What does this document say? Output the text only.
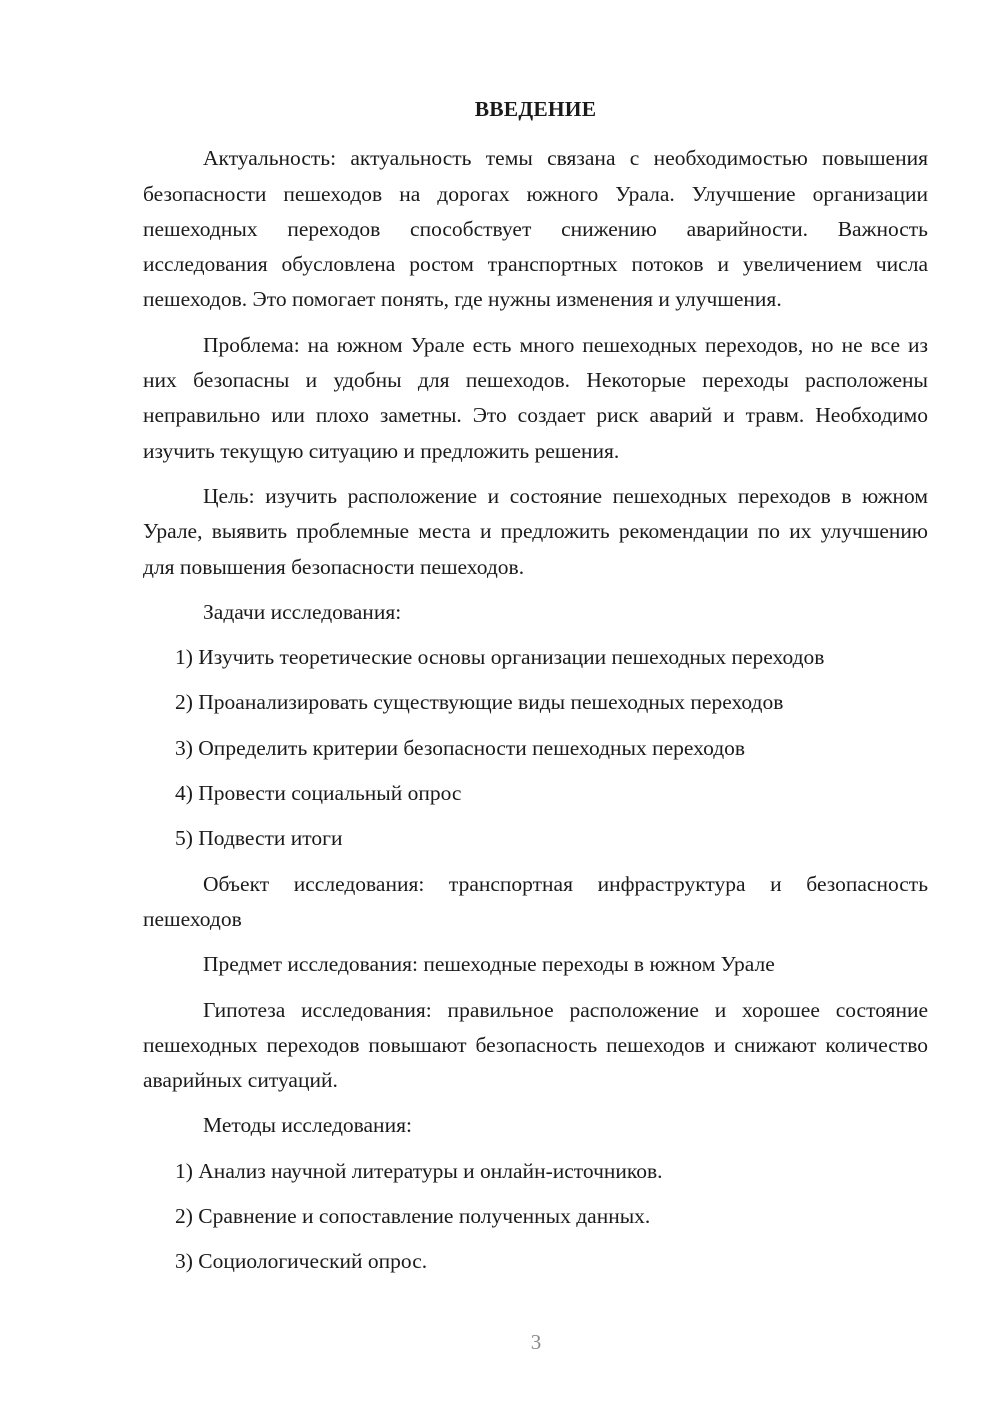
ВВЕДЕНИЕ

Актуальность: актуальность темы связана с необходимостью повышения безопасности пешеходов на дорогах южного Урала. Улучшение организации пешеходных переходов способствует снижению аварийности. Важность исследования обусловлена ростом транспортных потоков и увеличением числа пешеходов. Это помогает понять, где нужны изменения и улучшения.

Проблема: на южном Урале есть много пешеходных переходов, но не все из них безопасны и удобны для пешеходов. Некоторые переходы расположены неправильно или плохо заметны. Это создает риск аварий и травм. Необходимо изучить текущую ситуацию и предложить решения.

Цель: изучить расположение и состояние пешеходных переходов в южном Урале, выявить проблемные места и предложить рекомендации по их улучшению для повышения безопасности пешеходов.

Задачи исследования:

1) Изучить теоретические основы организации пешеходных переходов

2) Проанализировать существующие виды пешеходных переходов

3) Определить критерии безопасности пешеходных переходов

4) Провести социальный опрос

5) Подвести итоги

Объект исследования: транспортная инфраструктура и безопасность пешеходов

Предмет исследования: пешеходные переходы в южном Урале

Гипотеза исследования: правильное расположение и хорошее состояние пешеходных переходов повышают безопасность пешеходов и снижают количество аварийных ситуаций.

Методы исследования:

1) Анализ научной литературы и онлайн-источников.

2) Сравнение и сопоставление полученных данных.

3) Социологический опрос.

3
